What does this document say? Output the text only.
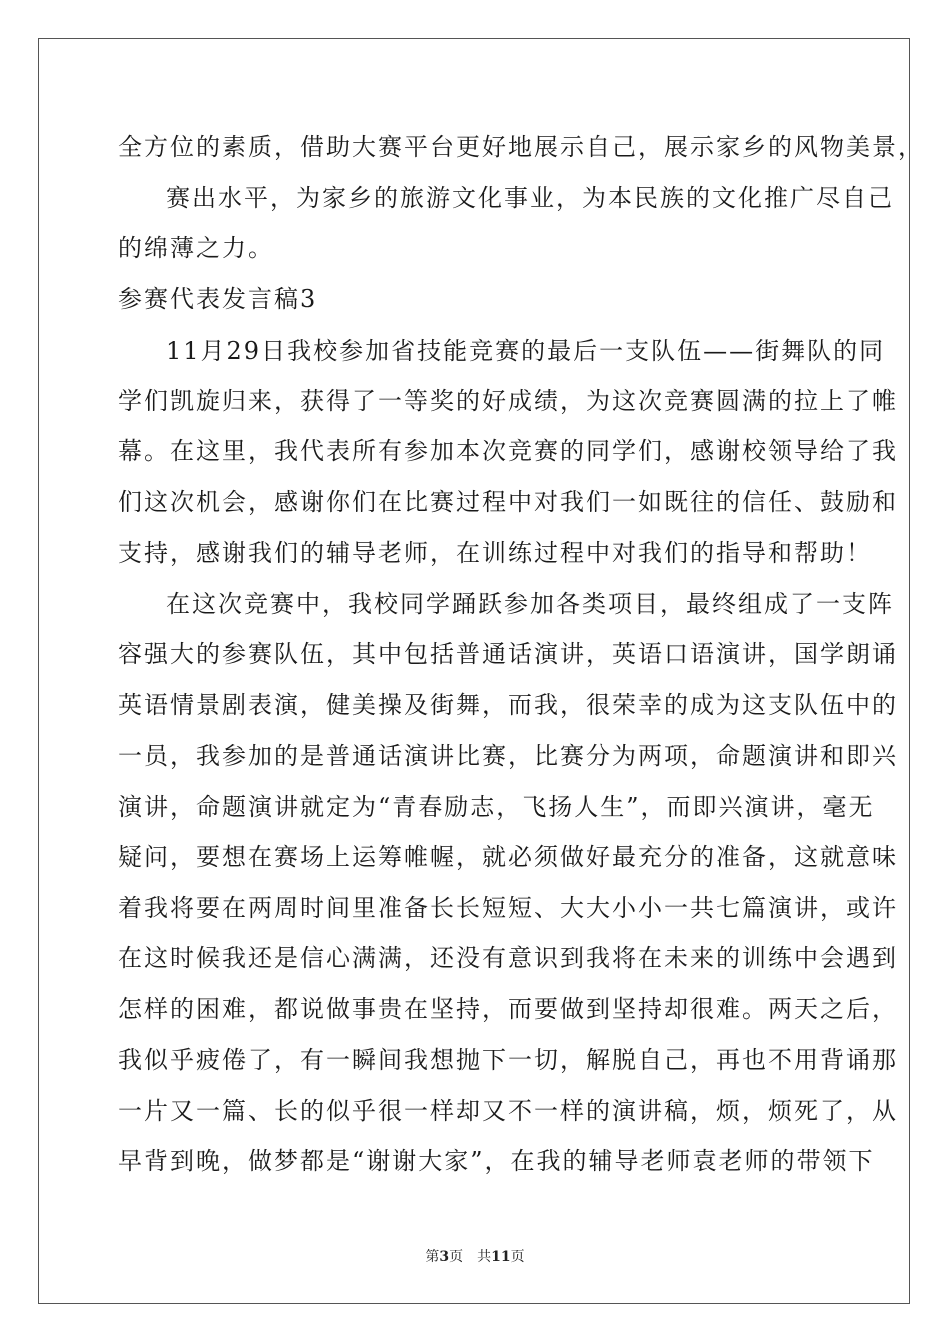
全方位的素质，借助大赛平台更好地展示自己，展示家乡的风物美景，
赛出水平，为家乡的旅游文化事业，为本民族的文化推广尽自己
的绵薄之力。
参赛代表发言稿3
11月29日我校参加省技能竞赛的最后一支队伍——街舞队的同
学们凯旋归来，获得了一等奖的好成绩，为这次竞赛圆满的拉上了帷
幕。在这里，我代表所有参加本次竞赛的同学们，感谢校领导给了我
们这次机会，感谢你们在比赛过程中对我们一如既往的信任、鼓励和
支持，感谢我们的辅导老师，在训练过程中对我们的指导和帮助！
在这次竞赛中，我校同学踊跃参加各类项目，最终组成了一支阵
容强大的参赛队伍，其中包括普通话演讲，英语口语演讲，国学朗诵
英语情景剧表演，健美操及街舞，而我，很荣幸的成为这支队伍中的
一员，我参加的是普通话演讲比赛，比赛分为两项，命题演讲和即兴
演讲，命题演讲就定为“青春励志，飞扬人生”，而即兴演讲，毫无
疑问，要想在赛场上运筹帷幄，就必须做好最充分的准备，这就意味
着我将要在两周时间里准备长长短短、大大小小一共七篇演讲，或许
在这时候我还是信心满满，还没有意识到我将在未来的训练中会遇到
怎样的困难，都说做事贵在坚持，而要做到坚持却很难。两天之后，
我似乎疲倦了，有一瞬间我想抛下一切，解脱自己，再也不用背诵那
一片又一篇、长的似乎很一样却又不一样的演讲稿，烦，烦死了，从
早背到晚，做梦都是“谢谢大家”，在我的辅导老师袁老师的带领下
第3页 共11页
